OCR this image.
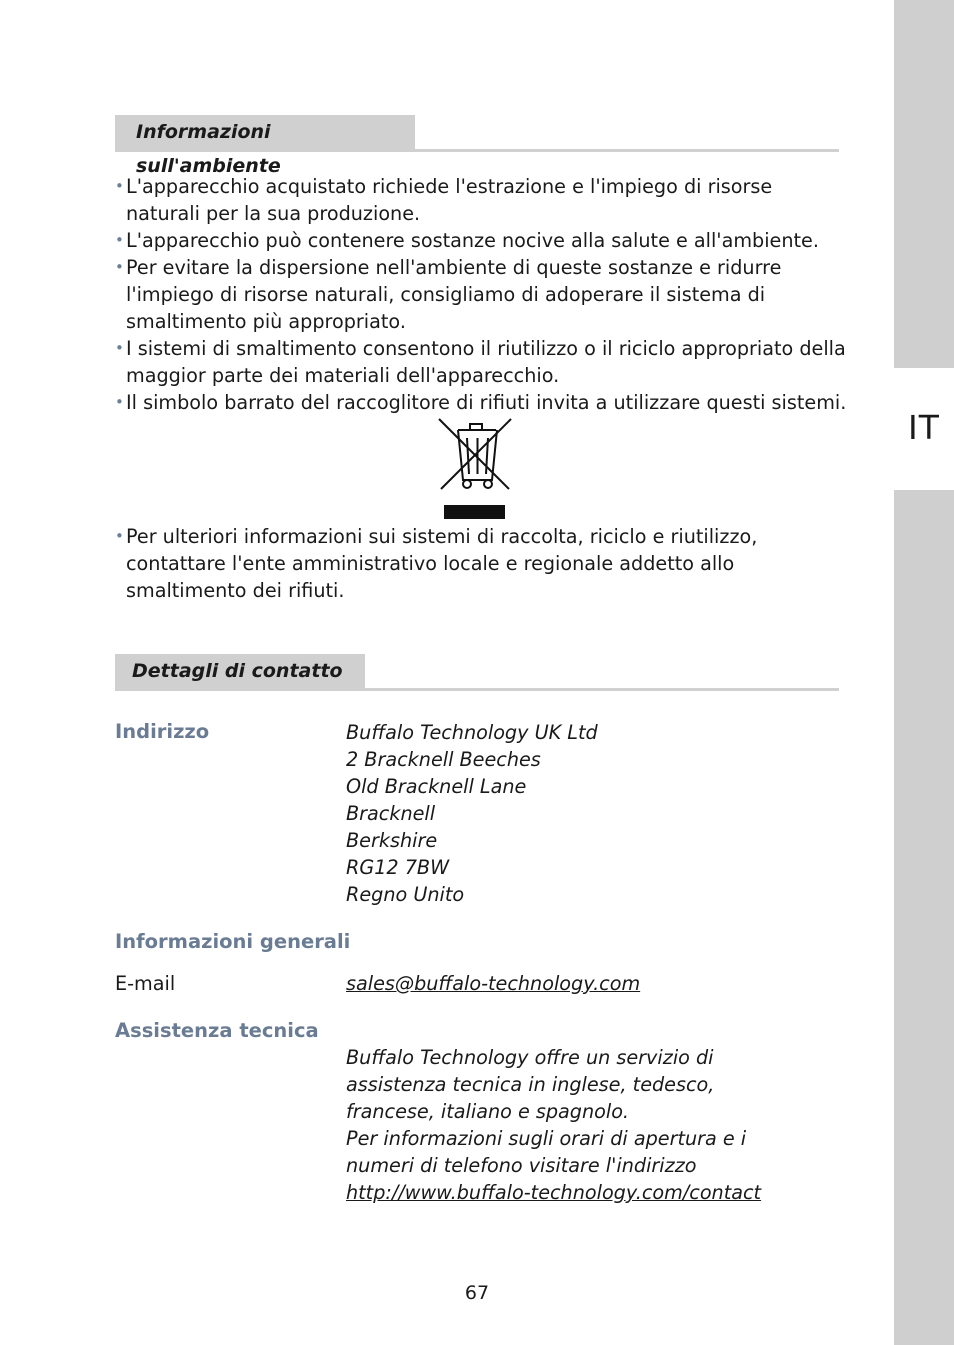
IT
Informazioni sull'ambiente
• L'apparecchio acquistato richiede l'estrazione e l'impiego di risorse naturali per la sua produzione.
• L'apparecchio può contenere sostanze nocive alla salute e all'ambiente.
• Per evitare la dispersione nell'ambiente di queste sostanze e ridurre l'impiego di risorse naturali, consigliamo di adoperare il sistema di smaltimento più appropriato.
• I sistemi di smaltimento consentono il riutilizzo o il riciclo appropriato della maggior parte dei materiali dell'apparecchio.
• Il simbolo barrato del raccoglitore di rifiuti invita a utilizzare questi sistemi.
• Per ulteriori informazioni sui sistemi di raccolta, riciclo e riutilizzo, contattare l'ente amministrativo locale e regionale addetto allo smaltimento dei rifiuti.
Dettagli di contatto
Indirizzo	Buffalo Technology UK Ltd
2 Bracknell Beeches
Old Bracknell Lane
Bracknell
Berkshire
RG12 7BW
Regno Unito
Informazioni generali
E-mail	sales@buffalo-technology.com
Assistenza tecnica
Buffalo Technology offre un servizio di
assistenza tecnica in inglese, tedesco,
francese, italiano e spagnolo.
Per informazioni sugli orari di apertura e i
numeri di telefono visitare l'indirizzo
http://www.buffalo-technology.com/contact
67
